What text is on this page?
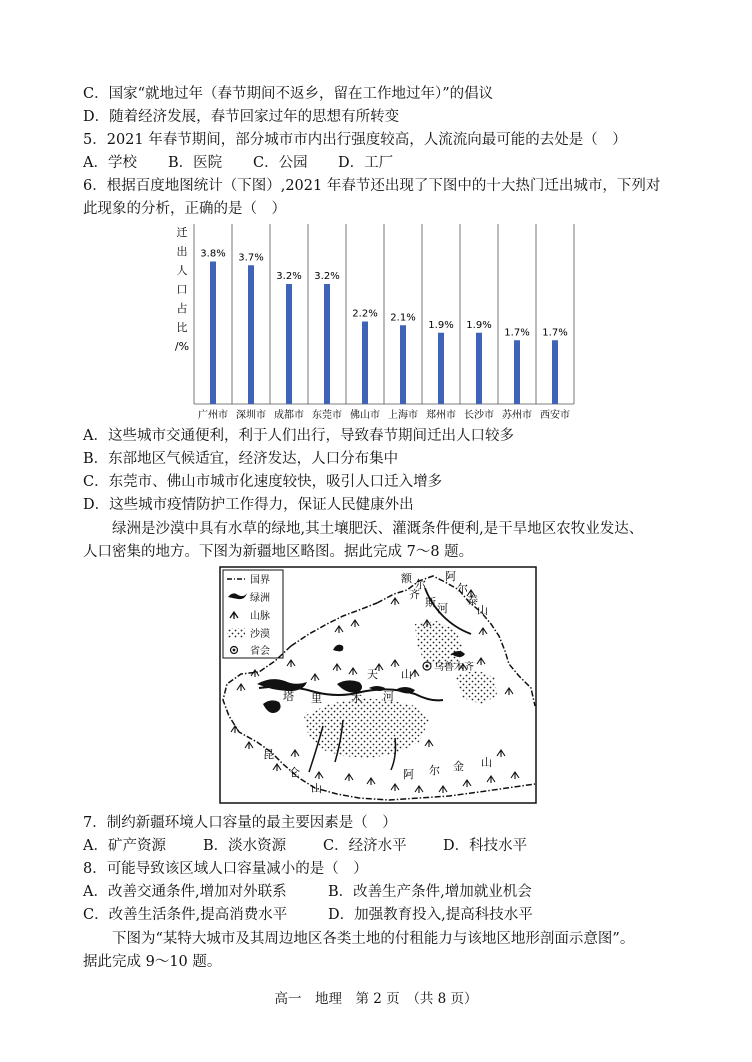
C．国家“就地过年（春节期间不返乡，留在工作地过年）”的倡议
D．随着经济发展，春节回家过年的思想有所转变
5．2021 年春节期间，部分城市市内出行强度较高，人流流向最可能的去处是（　）
A．学校 B．医院 C．公园 D．工厂
6．根据百度地图统计（下图）,2021 年春节还出现了下图中的十大热门迁出城市，下列对
此现象的分析，正确的是（　）
迁
出
人
口
占
比
/%
3.8% 3.7%
3.2% 3.2%
2.2% 2.1%
1.9% 1.9%
1.7% 1.7%
广州市 深圳市 成都市 东莞市 佛山市 上海市 郑州市 长沙市 苏州市 西安市
A．这些城市交通便利，利于人们出行，导致春节期间迁出人口较多
B．东部地区气候适宜，经济发达，人口分布集中
C．东莞市、佛山市城市化速度较快，吸引人口迁入增多
D．这些城市疫情防护工作得力，保证人民健康外出
绿洲是沙漠中具有水草的绿地,其土壤肥沃、灌溉条件便利,是干旱地区农牧业发达、
人口密集的地方。下图为新疆地区略图。据此完成 7～8 题。
国界
绿洲
山脉
沙漠
省会
乌鲁木齐
额 尔
齐
斯 河
阿
尔
泰
山
天 山
塔 里	木 河
昆
仑
山
阿 尔 金 山
7．制约新疆环境人口容量的最主要因素是（　）
A．矿产资源	B．淡水资源	C．经济水平	D．科技水平
8．可能导致该区域人口容量减小的是（　）
A．改善交通条件,增加对外联系	B．改善生产条件,增加就业机会
C．改善生活条件,提高消费水平	D．加强教育投入,提高科技水平
下图为“某特大城市及其周边地区各类土地的付租能力与该地区地形剖面示意图”。
据此完成 9～10 题。
高一　地理　第 2 页　（共 8 页）
